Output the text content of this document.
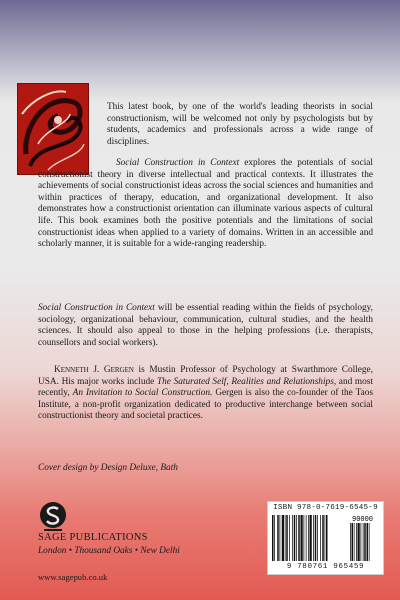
This latest book, by one of the world's leading theorists in social constructionism, will be welcomed not only by psychologists but by students, academics and professionals across a wide range of disciplines.

Social Construction in Context explores the potentials of social constructionist theory in diverse intellectual and practical contexts. It illustrates the achievements of social constructionist ideas across the social sciences and humanities and within practices of therapy, education, and organizational development. It also demonstrates how a constructionist orientation can illuminate various aspects of cultural life. This book examines both the positive potentials and the limitations of social constructionist ideas when applied to a variety of domains. Written in an accessible and scholarly manner, it is suitable for a wide-ranging readership.

Social Construction in Context will be essential reading within the fields of psychology, sociology, organizational behaviour, communication, cultural studies, and the health sciences. It should also appeal to those in the helping professions (i.e. therapists, counsellors and social workers).

Kenneth J. Gergen is Mustin Professor of Psychology at Swarthmore College, USA. His major works include The Saturated Self, Realities and Relationships, and most recently, An Invitation to Social Construction. Gergen is also the co-founder of the Taos Institute, a non-profit organization dedicated to productive interchange between social constructionist theory and societal practices.

Cover design by Design Deluxe, Bath

SAGE PUBLICATIONS
London • Thousand Oaks • New Delhi
www.sagepub.co.uk
ISBN 978-0-7619-6545-9
90000
9 780761 965459
